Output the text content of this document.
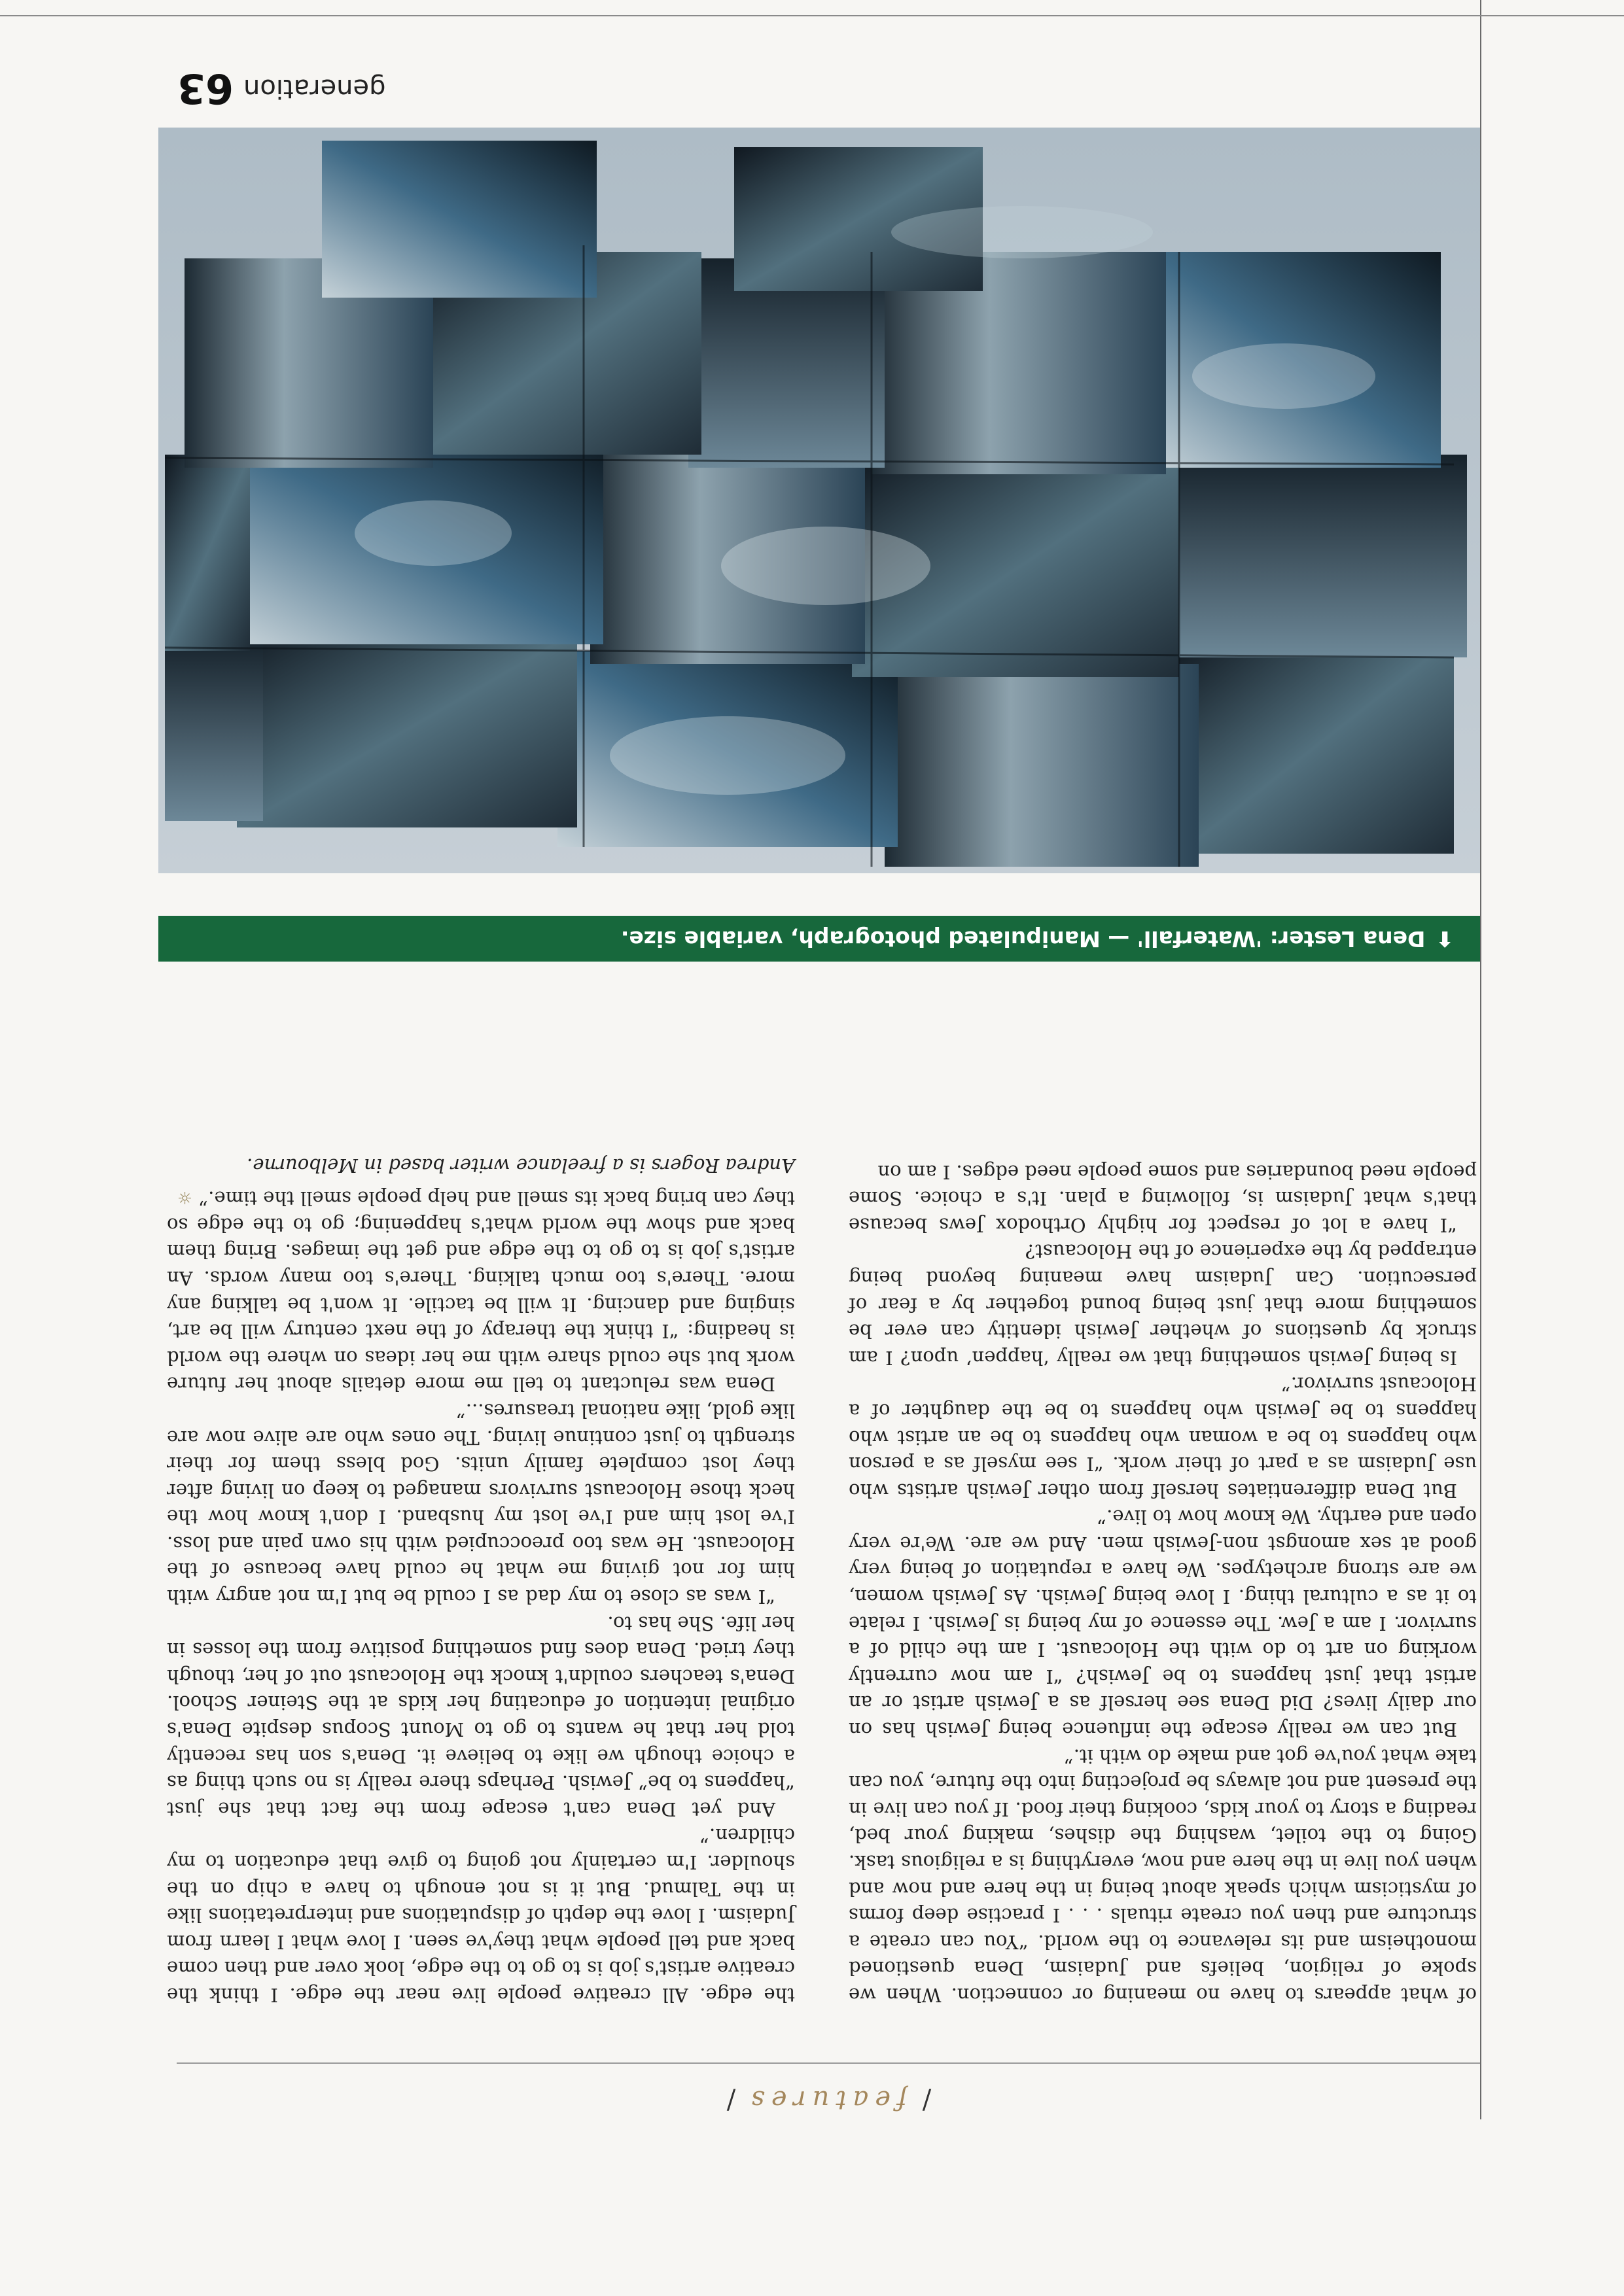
/features/

of what appears to have no meaning or connection. When we spoke of religion, beliefs and Judaism, Dena questioned monotheism and its relevance to the world. “You can create a structure and then you create rituals . . . I practise deep forms of mysticism which speak about being in the here and now and when you live in the here and now, everything is a religious task. Going to the toilet, washing the dishes, making your bed, reading a story to your kids, cooking their food. If you can live in the present and not always be projecting into the future, you can take what you've got and make do with it.”

But can we really escape the influence being Jewish has on our daily lives? Did Dena see herself as a Jewish artist or an artist that just happens to be Jewish? “I am now currently working on art to do with the Holocaust. I am the child of a survivor. I am a Jew. The essence of my being is Jewish. I relate to it as a cultural thing. I love being Jewish. As Jewish women, we are strong archetypes. We have a reputation of being very good at sex amongst non-Jewish men. And we are. We're very open and earthy. We know how to live.”

But Dena differentiates herself from other Jewish artists who use Judaism as a part of their work. “I see myself as a person who happens to be a woman who happens to be an artist who happens to be Jewish who happens to be the daughter of a Holocaust survivor.”

Is being Jewish something that we really ‘happen’ upon? I am struck by questions of whether Jewish identity can ever be something more that just being bound together by a fear of persecution. Can Judaism have meaning beyond being entrapped by the experience of the Holocaust?

“I have a lot of respect for highly Orthodox Jews because that's what Judaism is, following a plan. It's a choice. Some people need boundaries and some people need edges. I am on

the edge. All creative people live near the edge. I think the creative artist's job is to go to the edge, look over and then come back and tell people what they've seen. I love what I learn from Judaism. I love the depth of disputations and interpretations like in the Talmud. But it is not enough to have a chip on the shoulder. I'm certainly not going to give that education to my children.”

And yet Dena can't escape from the fact that she just “happens to be” Jewish. Perhaps there really is no such thing as a choice though we like to believe it. Dena's son has recently told her that he wants to go to Mount Scopus despite Dena's original intention of educating her kids at the Steiner School. Dena's teachers couldn't knock the Holocaust out of her, though they tried. Dena does find something positive from the losses in her life. She has to.

“I was as close to my dad as I could be but I'm not angry with him for not giving me what he could have because of the Holocaust. He was too preoccupied with his own pain and loss. I've lost him and I've lost my husband. I don't know how the heck those Holocaust survivors managed to keep on living after they lost complete family units. God bless them for their strength to just continue living. The ones who are alive now are like gold, like national treasures...”

Dena was reluctant to tell me more details about her future work but she could share with me her ideas on where the world is heading: “I think the therapy of the next century will be art, singing and dancing. It will be tactile. It won't be talking any more. There's too much talking. There's too many words. An artist's job is to go to the edge and get the images. Bring them back and show the world what's happening; go to the edge so they can bring back its smell and help people smell the time.” ☼

Andrea Rogers is a freelance writer based in Melbourne.

⬆Dena Lester: 'Waterfall' — Manipulated photograph, variable size.
generation
63
